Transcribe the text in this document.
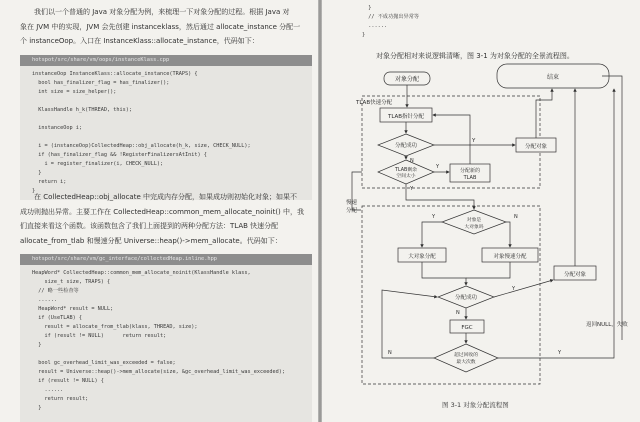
我们以一个普通的 Java 对象分配为例，来梳理一下对象分配的过程。根据 Java 对

象在 JVM 中的实现，JVM 会先创建 instanceklass，然后通过 allocate_instance 分配一

个 instanceOop。入口在 InstanceKlass::allocate_instance，代码如下：

hotspot/src/share/vm/oops/instanceKlass.cpp
instanceOop InstanceKlass::allocate_instance(TRAPS) {
bool has_finalizer_flag = has_finalizer();
int size = size_helper();
KlassHandle h_k(THREAD, this);
instanceOop i;
i = (instanceOop)CollectedHeap::obj_allocate(h_k, size, CHECK_NULL);
if (has_finalizer_flag && !RegisterFinalizersAtInit) {
i = register_finalizer(i, CHECK_NULL);
}
return i;
}

在 CollectedHeap::obj_allocate 中完成内存分配，如果成功则初始化对象；如果不

成功则抛出异常。主要工作在 CollectedHeap::common_mem_allocate_noinit() 中，我

们直接来看这个函数。该函数包含了我们上面提到的两种分配方法：TLAB 快速分配

allocate_from_tlab 和慢速分配 Universe::heap()->mem_allocate。代码如下：

hotspot/src/share/vm/gc_interface/collectedHeap.inline.hpp
HeapWord* CollectedHeap::common_mem_allocate_noinit(KlassHandle klass,
size_t size, TRAPS) {
// 略一些检查等
......
HeapWord* result = NULL;
if (UseTLAB) {
result = allocate_from_tlab(klass, THREAD, size);
if (result != NULL)      return result;
}
bool gc_overhead_limit_was_exceeded = false;
result = Universe::heap()->mem_allocate(size, &gc_overhead_limit_was_exceeded);
if (result != NULL) {
......
return result;
}
}
// 不成功抛出异常等
......
}

对象分配相对来说逻辑清晰，图 3-1 为对象分配的全景流程图。

对象分配	结束
TLAB快速分配
TLAB指针分配
分配成功
Y
分配对象
TLAB剩余
空间太小
分配新的
TLAB
慢速
分配
对象是
大对象吗
大对象分配	对象慢速分配
分配成功
分配对象
FGC
超过回收的
最大次数
返回NULL，失败
N
Y
Y
N
Y
Y
N
N	Y
图 3-1 对象分配流程图
